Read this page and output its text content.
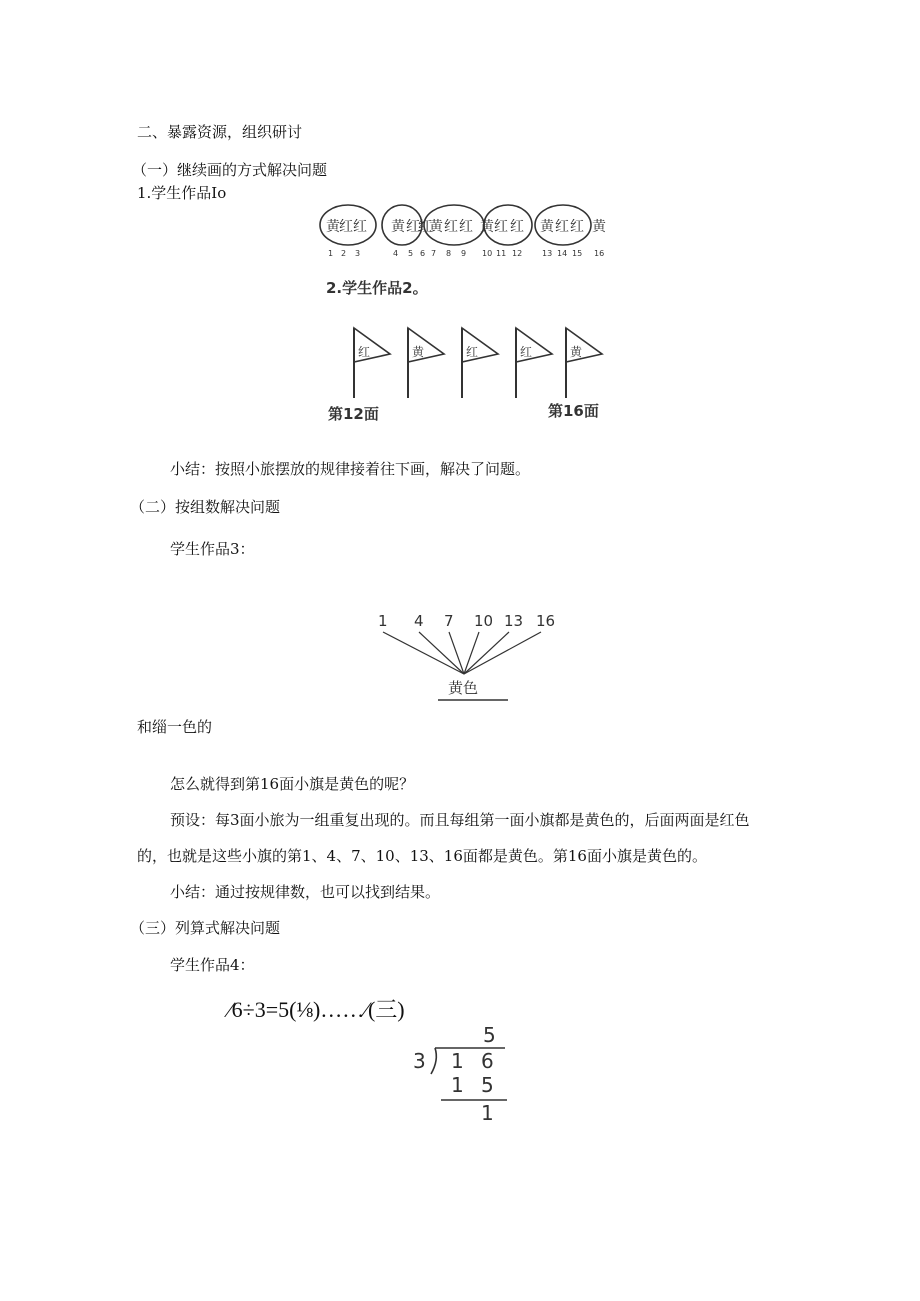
二、暴露资源，组织研讨
（一）继续画的方式解决问题
1.学生作品Io
黄 红 红 黄 红
红
黄 红 红 黄 红 红 黄 红 红 黄
1 2 3	4 5 6 7 8 9 10 11 12 13 14 15 16
2.学生作品2。
红	黄	红	红	黄
第12面	第16面
小结：按照小旅摆放的规律接着往下画，解决了问题。
（二）按组数解决问题
学生作品3：
1 4 7 10 13 16
黄色
和缁一色的
怎么就得到第16面小旗是黄色的呢？
预设：每3面小旅为一组重复出现的。而且每组第一面小旗都是黄色的，后面两面是红色
的，也就是这些小旗的第1、4、7、10、13、16面都是黄色。第16面小旗是黄色的。
小结：通过按规律数，也可以找到结果。
（三）列算式解决问题
学生作品4：
∕6÷3=5(⅛)……∕(三)
5
3 1 6
1 5
1
